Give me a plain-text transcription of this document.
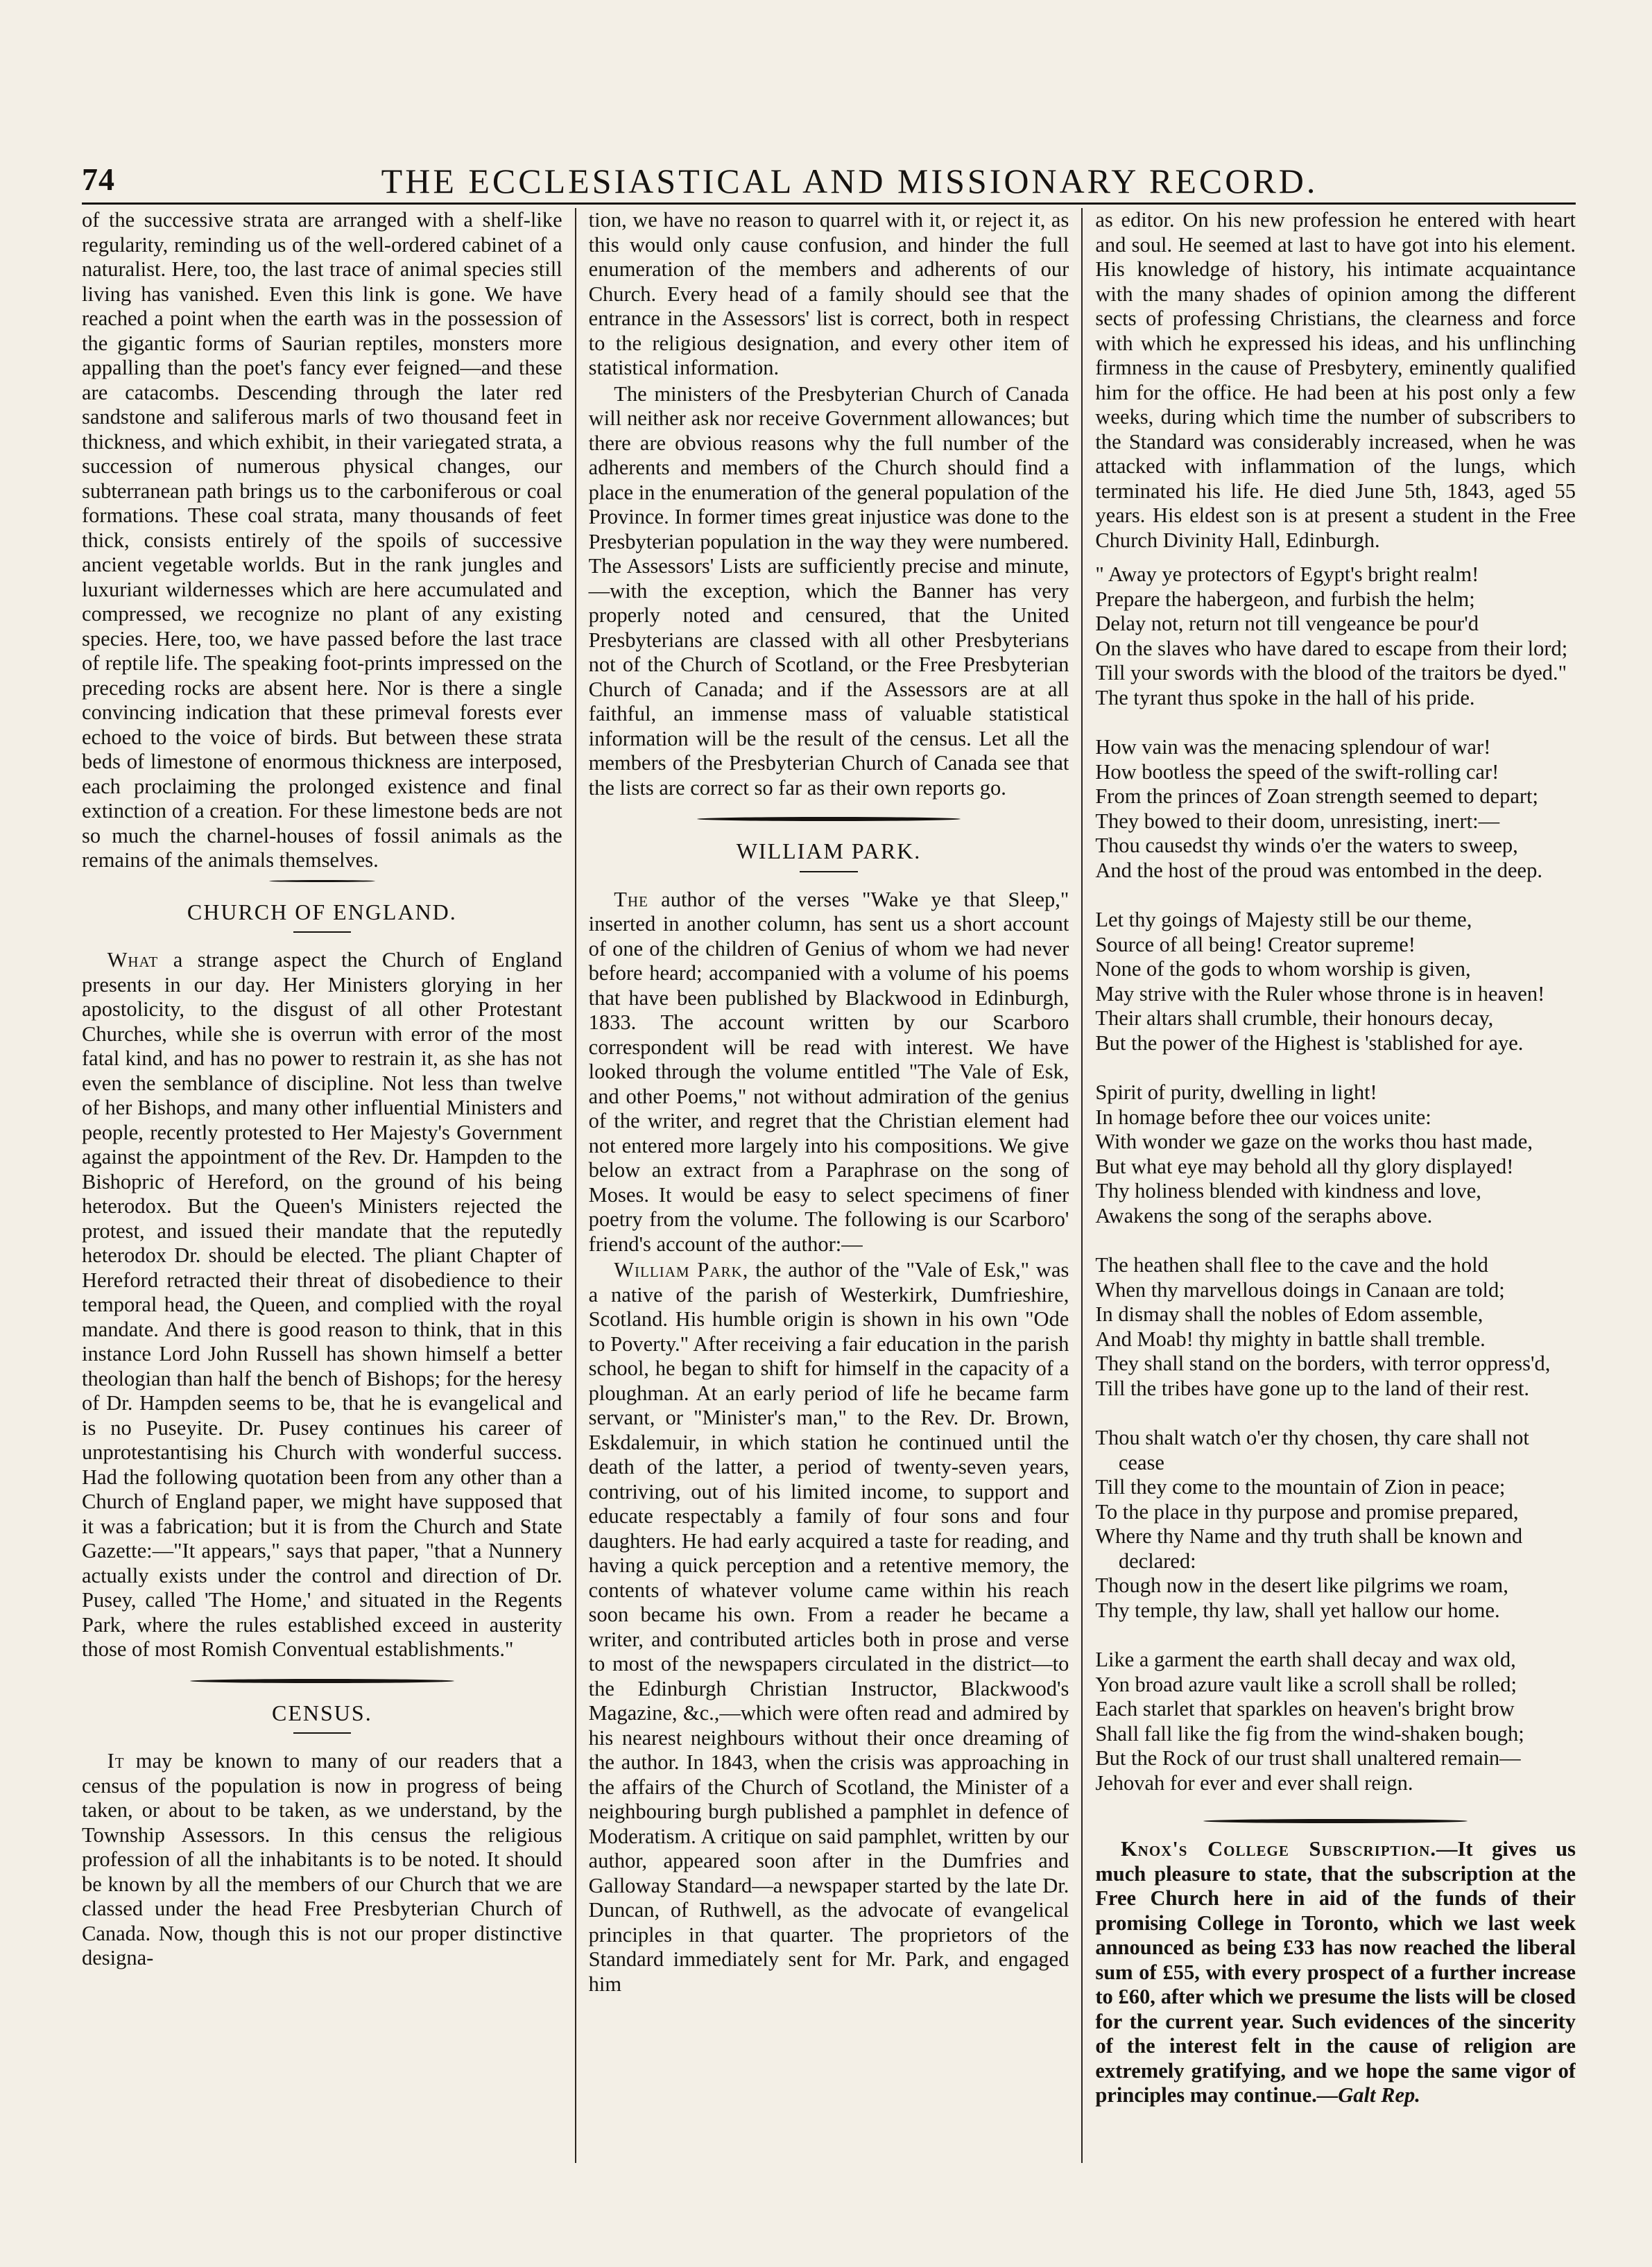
74	THE ECCLESIASTICAL AND MISSIONARY RECORD.

of the successive strata are arranged with a shelf-like regularity, reminding us of the well-ordered cabinet of a naturalist. Here, too, the last trace of animal species still living has vanished. Even this link is gone. We have reached a point when the earth was in the possession of the gigantic forms of Saurian reptiles, monsters more appalling than the poet's fancy ever feigned—and these are catacombs. Descending through the later red sandstone and saliferous marls of two thousand feet in thickness, and which exhibit, in their variegated strata, a succession of numerous physical changes, our subterranean path brings us to the carboniferous or coal formations. These coal strata, many thousands of feet thick, consists entirely of the spoils of successive ancient vegetable worlds. But in the rank jungles and luxuriant wildernesses which are here accumulated and compressed, we recognize no plant of any existing species. Here, too, we have passed before the last trace of reptile life. The speaking foot-prints impressed on the preceding rocks are absent here. Nor is there a single convincing indication that these primeval forests ever echoed to the voice of birds. But between these strata beds of limestone of enormous thickness are interposed, each proclaiming the prolonged existence and final extinction of a creation. For these limestone beds are not so much the charnel-houses of fossil animals as the remains of the animals themselves.

CHURCH OF ENGLAND.

What a strange aspect the Church of England presents in our day. Her Ministers glorying in her apostolicity, to the disgust of all other Protestant Churches, while she is overrun with error of the most fatal kind, and has no power to restrain it, as she has not even the semblance of discipline. Not less than twelve of her Bishops, and many other influential Ministers and people, recently protested to Her Majesty's Government against the appointment of the Rev. Dr. Hampden to the Bishopric of Hereford, on the ground of his being heterodox. But the Queen's Ministers rejected the protest, and issued their mandate that the reputedly heterodox Dr. should be elected. The pliant Chapter of Hereford retracted their threat of disobedience to their temporal head, the Queen, and complied with the royal mandate. And there is good reason to think, that in this instance Lord John Russell has shown himself a better theologian than half the bench of Bishops; for the heresy of Dr. Hampden seems to be, that he is evangelical and is no Puseyite. Dr. Pusey continues his career of unprotestantising his Church with wonderful success. Had the following quotation been from any other than a Church of England paper, we might have supposed that it was a fabrication; but it is from the Church and State Gazette:—"It appears," says that paper, "that a Nunnery actually exists under the control and direction of Dr. Pusey, called 'The Home,' and situated in the Regents Park, where the rules established exceed in austerity those of most Romish Conventual establishments."

CENSUS.

It may be known to many of our readers that a census of the population is now in progress of being taken, or about to be taken, as we understand, by the Township Assessors. In this census the religious profession of all the inhabitants is to be noted. It should be known by all the members of our Church that we are classed under the head Free Presbyterian Church of Canada. Now, though this is not our proper distinctive designa-

tion, we have no reason to quarrel with it, or reject it, as this would only cause confusion, and hinder the full enumeration of the members and adherents of our Church. Every head of a family should see that the entrance in the Assessors' list is correct, both in respect to the religious designation, and every other item of statistical information.

The ministers of the Presbyterian Church of Canada will neither ask nor receive Government allowances; but there are obvious reasons why the full number of the adherents and members of the Church should find a place in the enumeration of the general population of the Province. In former times great injustice was done to the Presbyterian population in the way they were numbered. The Assessors' Lists are sufficiently precise and minute, —with the exception, which the Banner has very properly noted and censured, that the United Presbyterians are classed with all other Presbyterians not of the Church of Scotland, or the Free Presbyterian Church of Canada; and if the Assessors are at all faithful, an immense mass of valuable statistical information will be the result of the census. Let all the members of the Presbyterian Church of Canada see that the lists are correct so far as their own reports go.

WILLIAM PARK.

The author of the verses "Wake ye that Sleep," inserted in another column, has sent us a short account of one of the children of Genius of whom we had never before heard; accompanied with a volume of his poems that have been published by Blackwood in Edinburgh, 1833. The account written by our Scarboro correspondent will be read with interest. We have looked through the volume entitled "The Vale of Esk, and other Poems," not without admiration of the genius of the writer, and regret that the Christian element had not entered more largely into his compositions. We give below an extract from a Paraphrase on the song of Moses. It would be easy to select specimens of finer poetry from the volume. The following is our Scarboro' friend's account of the author:—

William Park, the author of the "Vale of Esk," was a native of the parish of Westerkirk, Dumfrieshire, Scotland. His humble origin is shown in his own "Ode to Poverty." After receiving a fair education in the parish school, he began to shift for himself in the capacity of a ploughman. At an early period of life he became farm servant, or "Minister's man," to the Rev. Dr. Brown, Eskdalemuir, in which station he continued until the death of the latter, a period of twenty-seven years, contriving, out of his limited income, to support and educate respectably a family of four sons and four daughters. He had early acquired a taste for reading, and having a quick perception and a retentive memory, the contents of whatever volume came within his reach soon became his own. From a reader he became a writer, and contributed articles both in prose and verse to most of the newspapers circulated in the district—to the Edinburgh Christian Instructor, Blackwood's Magazine, &c.,—which were often read and admired by his nearest neighbours without their once dreaming of the author. In 1843, when the crisis was approaching in the affairs of the Church of Scotland, the Minister of a neighbouring burgh published a pamphlet in defence of Moderatism. A critique on said pamphlet, written by our author, appeared soon after in the Dumfries and Galloway Standard—a newspaper started by the late Dr. Duncan, of Ruthwell, as the advocate of evangelical principles in that quarter. The proprietors of the Standard immediately sent for Mr. Park, and engaged him

as editor. On his new profession he entered with heart and soul. He seemed at last to have got into his element. His knowledge of history, his intimate acquaintance with the many shades of opinion among the different sects of professing Christians, the clearness and force with which he expressed his ideas, and his unflinching firmness in the cause of Presbytery, eminently qualified him for the office. He had been at his post only a few weeks, during which time the number of subscribers to the Standard was considerably increased, when he was attacked with inflammation of the lungs, which terminated his life. He died June 5th, 1843, aged 55 years. His eldest son is at present a student in the Free Church Divinity Hall, Edinburgh.

" Away ye protectors of Egypt's bright realm!
Prepare the habergeon, and furbish the helm;
Delay not, return not till vengeance be pour'd
On the slaves who have dared to escape from their lord;
Till your swords with the blood of the traitors be dyed."
The tyrant thus spoke in the hall of his pride.
How vain was the menacing splendour of war!
How bootless the speed of the swift-rolling car!
From the princes of Zoan strength seemed to depart;
They bowed to their doom, unresisting, inert:—
Thou causedst thy winds o'er the waters to sweep,
And the host of the proud was entombed in the deep.
Let thy goings of Majesty still be our theme,
Source of all being! Creator supreme!
None of the gods to whom worship is given,
May strive with the Ruler whose throne is in heaven!
Their altars shall crumble, their honours decay,
But the power of the Highest is 'stablished for aye.
Spirit of purity, dwelling in light!
In homage before thee our voices unite:
With wonder we gaze on the works thou hast made,
But what eye may behold all thy glory displayed!
Thy holiness blended with kindness and love,
Awakens the song of the seraphs above.
The heathen shall flee to the cave and the hold
When thy marvellous doings in Canaan are told;
In dismay shall the nobles of Edom assemble,
And Moab! thy mighty in battle shall tremble.
They shall stand on the borders, with terror oppress'd,
Till the tribes have gone up to the land of their rest.
Thou shalt watch o'er thy chosen, thy care shall not cease
Till they come to the mountain of Zion in peace;
To the place in thy purpose and promise prepared,
Where thy Name and thy truth shall be known and declared:
Though now in the desert like pilgrims we roam,
Thy temple, thy law, shall yet hallow our home.
Like a garment the earth shall decay and wax old,
Yon broad azure vault like a scroll shall be rolled;
Each starlet that sparkles on heaven's bright brow
Shall fall like the fig from the wind-shaken bough;
But the Rock of our trust shall unaltered remain—
Jehovah for ever and ever shall reign.

Knox's College Subscription.—It gives us much pleasure to state, that the subscription at the Free Church here in aid of the funds of their promising College in Toronto, which we last week announced as being £33 has now reached the liberal sum of £55, with every prospect of a further increase to £60, after which we presume the lists will be closed for the current year. Such evidences of the sincerity of the interest felt in the cause of religion are extremely gratifying, and we hope the same vigor of principles may continue.—Galt Rep.
